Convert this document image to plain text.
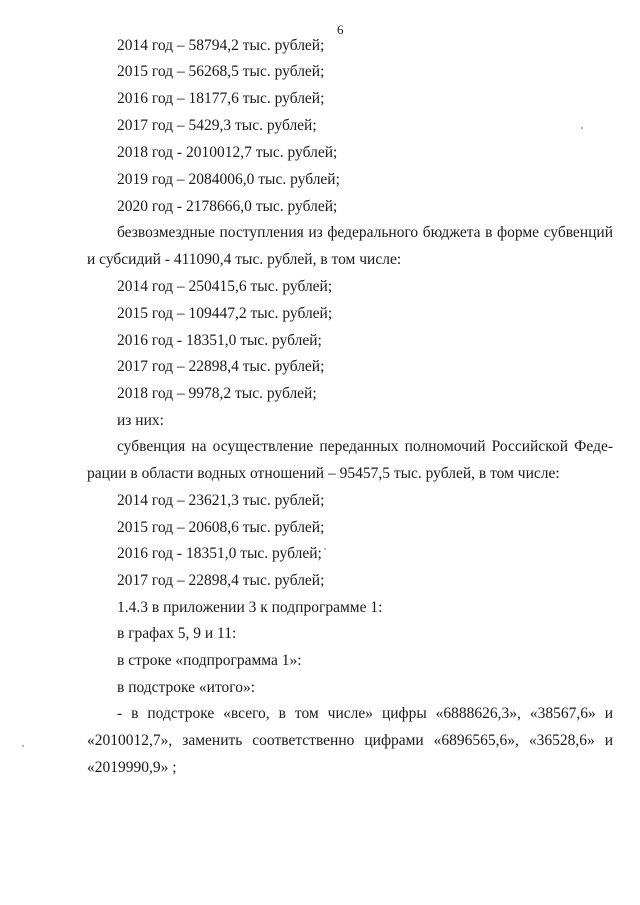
6
2014 год – 58794,2 тыс. рублей;
2015 год – 56268,5 тыс. рублей;
2016 год – 18177,6 тыс. рублей;
2017 год – 5429,3 тыс. рублей;
2018 год - 2010012,7 тыс. рублей;
2019 год – 2084006,0 тыс. рублей;
2020 год - 2178666,0 тыс. рублей;
безвозмездные поступления из федерального бюджета в форме субвенций
и субсидий - 411090,4 тыс. рублей, в том числе:
2014 год – 250415,6 тыс. рублей;
2015 год – 109447,2 тыс. рублей;
2016 год - 18351,0 тыс. рублей;
2017 год – 22898,4 тыс. рублей;
2018 год – 9978,2 тыс. рублей;
из них:
субвенция на осуществление переданных полномочий Российской Феде-
рации в области водных отношений – 95457,5 тыс. рублей, в том числе:
2014 год – 23621,3 тыс. рублей;
2015 год – 20608,6 тыс. рублей;
2016 год - 18351,0 тыс. рублей;
2017 год – 22898,4 тыс. рублей;
1.4.3 в приложении 3 к подпрограмме 1:
в графах 5, 9 и 11:
в строке «подпрограмма 1»:
в подстроке «итого»:
- в подстроке «всего, в том числе» цифры «6888626,3», «38567,6» и
«2010012,7», заменить соответственно цифрами «6896565,6», «36528,6» и
«2019990,9» ;
